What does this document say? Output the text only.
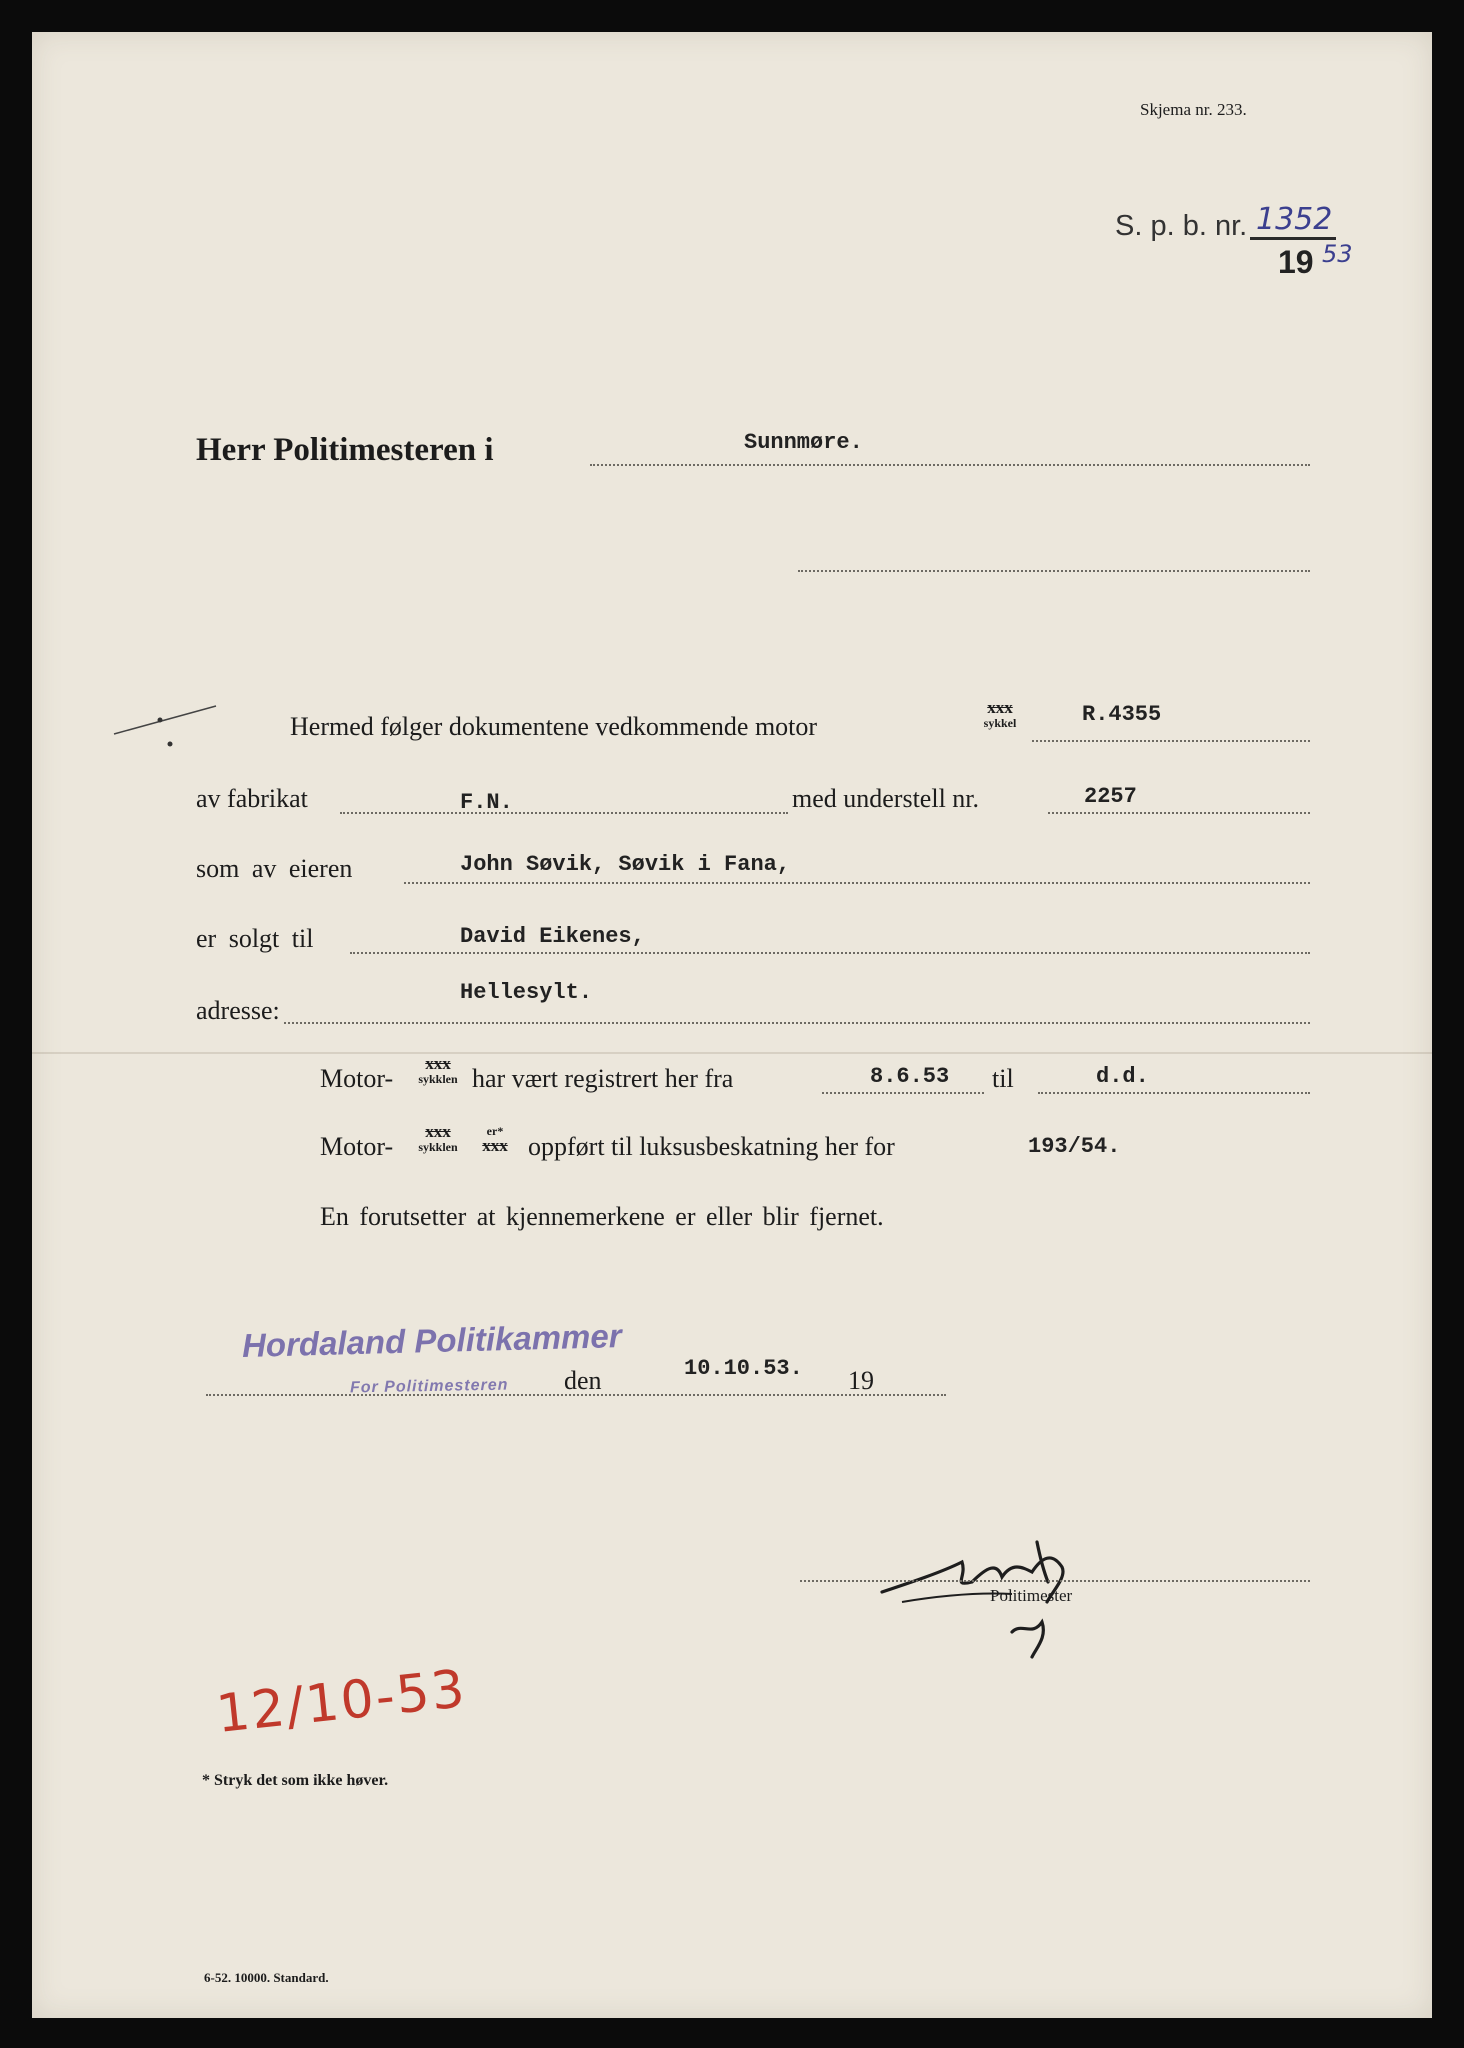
Skjema nr. 233.
S. p. b. nr. 1352
19 53
Herr Politimesteren i	Sunnmøre.
Hermed følger dokumentene vedkommende motor
xxx
sykkel	R.4355
av fabrikat	F.N.	med understell nr.	2257
som av eieren	John Søvik, Søvik i Fana,
er solgt til	David Eikenes,
adresse:
Hellesylt.
Motor-
xxx
sykklen har vært registrert her fra	8.6.53 til	d.d.
Motor-
xxx
sykklen
er*
xxx oppført til luksusbeskatning her for	193/54.
En forutsetter at kjennemerkene er eller blir fjernet.
Hordaland Politikammer
For Politimesteren den	10.10.53. 19
Politimester
12/10-53
* Stryk det som ikke høver.
6-52. 10000. Standard.
